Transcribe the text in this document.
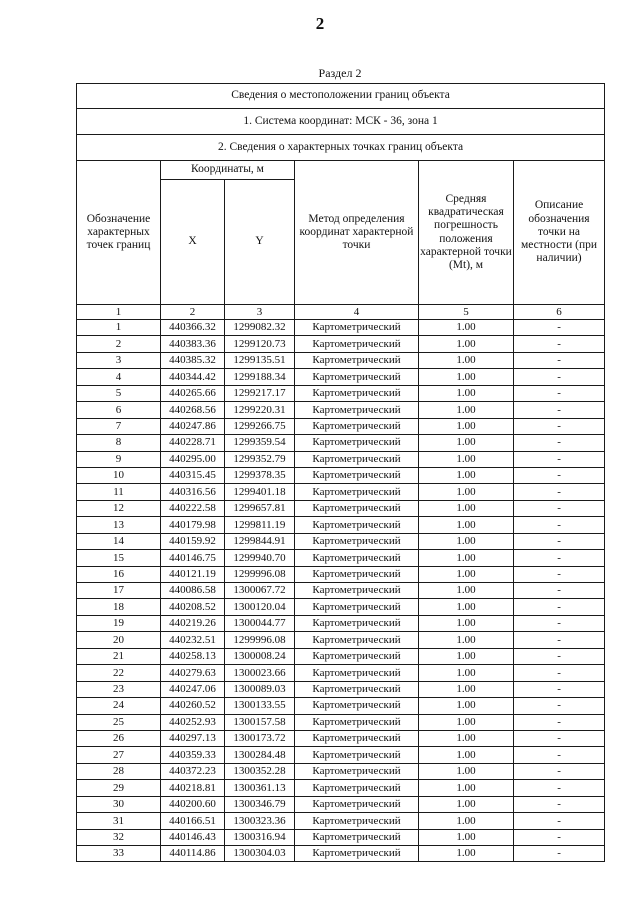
2
Раздел 2
Сведения о местоположении границ объекта					
1. Система координат: МСК - 36, зона 1					
2. Сведения о характерных точках границ объекта					
Обозначение характерных точек границ	Координаты, м		Метод определения координат характерной точки	Средняя квадратическая погрешность положения характерной точки (Mt), м	Описание обозначения точки на местности (при наличии)
	X	Y			
1	2	3	4	5	6
1	440366.32	1299082.32	Картометрический	1.00	-
2	440383.36	1299120.73	Картометрический	1.00	-
3	440385.32	1299135.51	Картометрический	1.00	-
4	440344.42	1299188.34	Картометрический	1.00	-
5	440265.66	1299217.17	Картометрический	1.00	-
6	440268.56	1299220.31	Картометрический	1.00	-
7	440247.86	1299266.75	Картометрический	1.00	-
8	440228.71	1299359.54	Картометрический	1.00	-
9	440295.00	1299352.79	Картометрический	1.00	-
10	440315.45	1299378.35	Картометрический	1.00	-
11	440316.56	1299401.18	Картометрический	1.00	-
12	440222.58	1299657.81	Картометрический	1.00	-
13	440179.98	1299811.19	Картометрический	1.00	-
14	440159.92	1299844.91	Картометрический	1.00	-
15	440146.75	1299940.70	Картометрический	1.00	-
16	440121.19	1299996.08	Картометрический	1.00	-
17	440086.58	1300067.72	Картометрический	1.00	-
18	440208.52	1300120.04	Картометрический	1.00	-
19	440219.26	1300044.77	Картометрический	1.00	-
20	440232.51	1299996.08	Картометрический	1.00	-
21	440258.13	1300008.24	Картометрический	1.00	-
22	440279.63	1300023.66	Картометрический	1.00	-
23	440247.06	1300089.03	Картометрический	1.00	-
24	440260.52	1300133.55	Картометрический	1.00	-
25	440252.93	1300157.58	Картометрический	1.00	-
26	440297.13	1300173.72	Картометрический	1.00	-
27	440359.33	1300284.48	Картометрический	1.00	-
28	440372.23	1300352.28	Картометрический	1.00	-
29	440218.81	1300361.13	Картометрический	1.00	-
30	440200.60	1300346.79	Картометрический	1.00	-
31	440166.51	1300323.36	Картометрический	1.00	-
32	440146.43	1300316.94	Картометрический	1.00	-
33	440114.86	1300304.03	Картометрический	1.00	-
